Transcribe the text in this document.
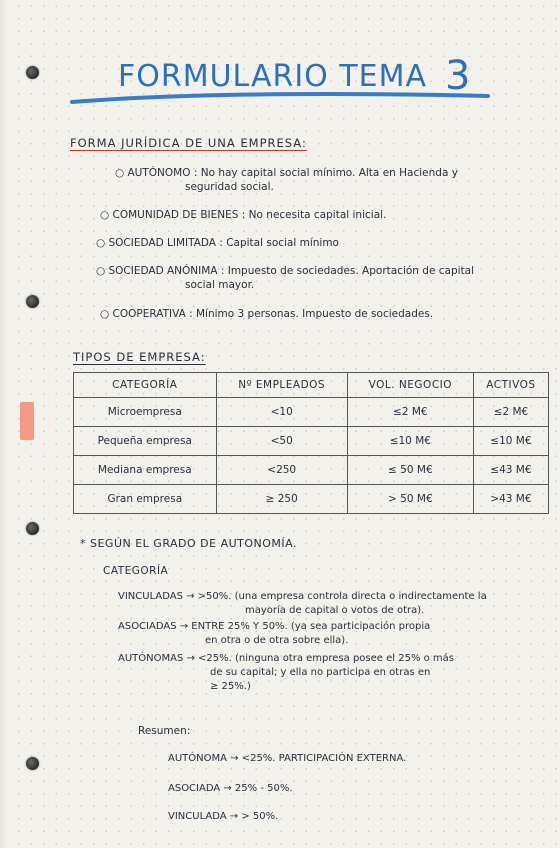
FORMULARIO TEMA 3
FORMA JURÍDICA DE UNA EMPRESA:
○ AUTÓNOMO : No hay capital social mínimo. Alta en Hacienda y
seguridad social.
○ COMUNIDAD DE BIENES : No necesita capital inicial.
○ SOCIEDAD LIMITADA : Capital social mínimo
○ SOCIEDAD ANÓNIMA : Impuesto de sociedades. Aportación de capital
social mayor.
○ COOPERATIVA : Mínimo 3 personas. Impuesto de sociedades.
TIPOS DE EMPRESA:
CATEGORÍA	Nº EMPLEADOS	VOL. NEGOCIO	ACTIVOS
Microempresa	<10	≤2 M€	≤2 M€
Pequeña empresa	<50	≤10 M€	≤10 M€
Mediana empresa	<250	≤ 50 M€	≤43 M€
Gran empresa	≥ 250	> 50 M€	>43 M€
* SEGÚN EL GRADO DE AUTONOMÍA.
CATEGORÍA
VINCULADAS → >50%. (una empresa controla directa o indirectamente la
mayoría de capital o votos de otra).
ASOCIADAS → ENTRE 25% Y 50%. (ya sea participación propia
en otra o de otra sobre ella).
AUTÓNOMAS → <25%. (ninguna otra empresa posee el 25% o más
de su capital; y ella no participa en otras en
≥ 25%.)
Resumen:
AUTÓNOMA → <25%. PARTICIPACIÓN EXTERNA.
ASOCIADA → 25% - 50%.
VINCULADA → > 50%.
